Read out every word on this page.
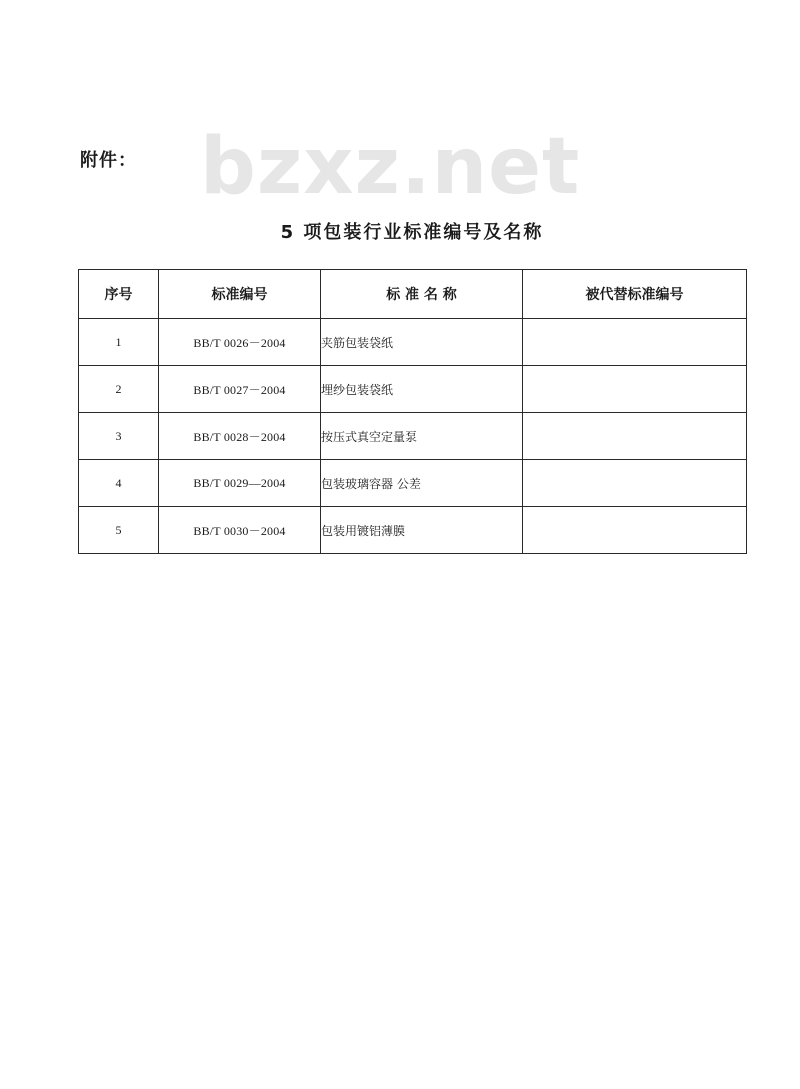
附件： bzxz.net
5 项包装行业标准编号及名称
序号	标准编号	标 准 名 称	被代替标准编号
1	BB/T 0026－2004	夹筋包装袋纸	
2	BB/T 0027－2004	埋纱包装袋纸	
3	BB/T 0028－2004	按压式真空定量泵	
4	BB/T 0029—2004	包装玻璃容器 公差	
5	BB/T 0030－2004	包装用镀铝薄膜	
